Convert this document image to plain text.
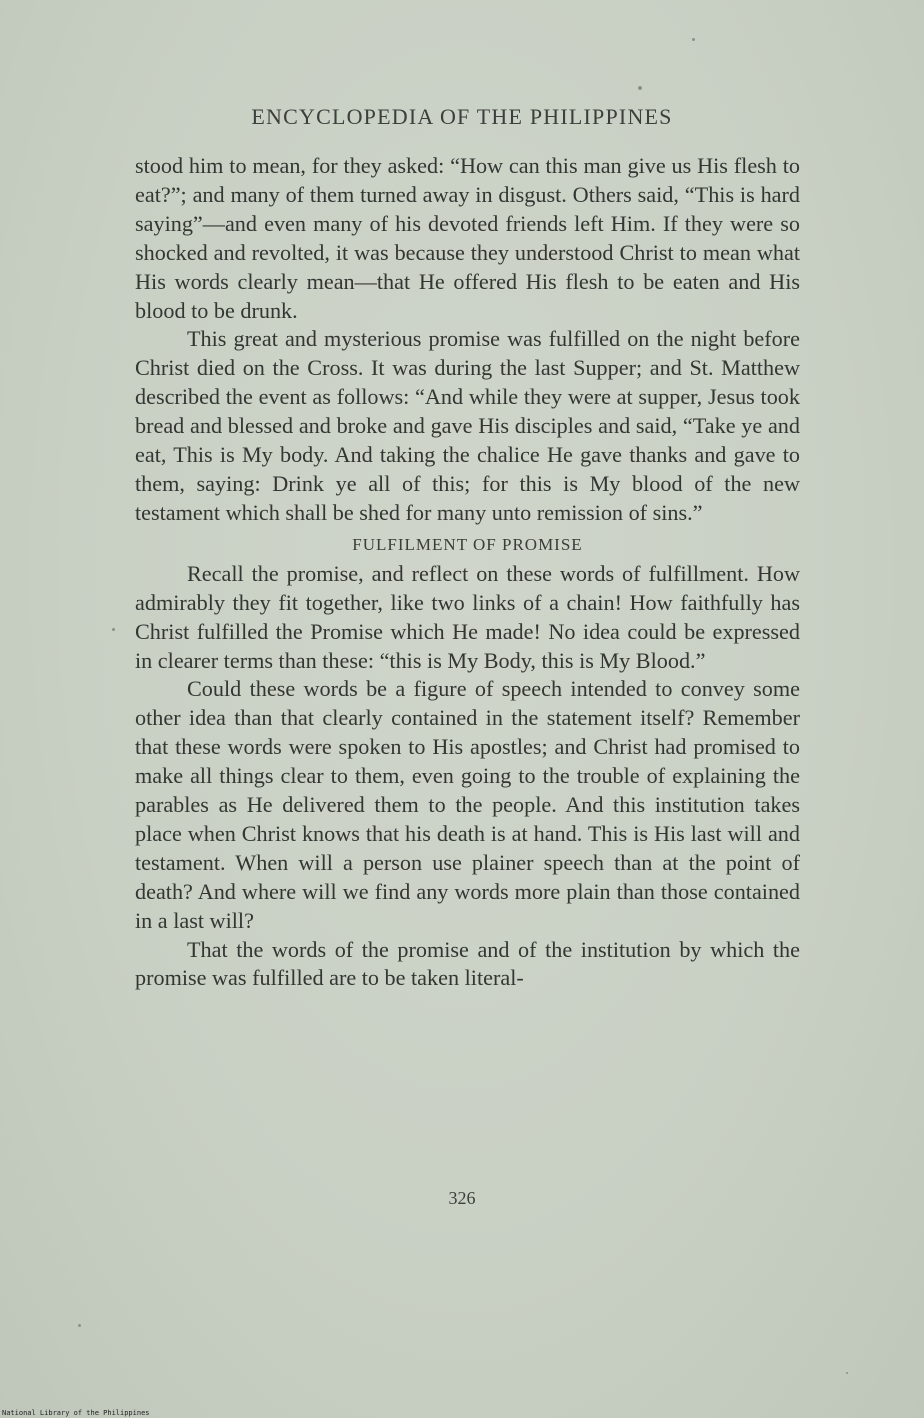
ENCYCLOPEDIA OF THE PHILIPPINES

stood him to mean, for they asked: “How can this man give us His flesh to eat?”; and many of them turned away in disgust. Others said, “This is hard saying”—and even many of his devoted friends left Him. If they were so shocked and revolted, it was because they understood Christ to mean what His words clearly mean—that He offered His flesh to be eaten and His blood to be drunk.

This great and mysterious promise was fulfilled on the night before Christ died on the Cross. It was during the last Supper; and St. Matthew described the event as follows: “And while they were at supper, Jesus took bread and blessed and broke and gave His disciples and said, “Take ye and eat, This is My body. And taking the chalice He gave thanks and gave to them, saying: Drink ye all of this; for this is My blood of the new testament which shall be shed for many unto remission of sins.”

FULFILMENT OF PROMISE

Recall the promise, and reflect on these words of fulfillment. How admirably they fit together, like two links of a chain! How faithfully has Christ fulfilled the Promise which He made! No idea could be expressed in clearer terms than these: “this is My Body, this is My Blood.”

Could these words be a figure of speech intended to convey some other idea than that clearly contained in the statement itself? Remember that these words were spoken to His apostles; and Christ had promised to make all things clear to them, even going to the trouble of explaining the parables as He delivered them to the people. And this institution takes place when Christ knows that his death is at hand. This is His last will and testament. When will a person use plainer speech than at the point of death? And where will we find any words more plain than those contained in a last will?

That the words of the promise and of the institution by which the promise was fulfilled are to be taken literal-

326
National Library of the Philippines
